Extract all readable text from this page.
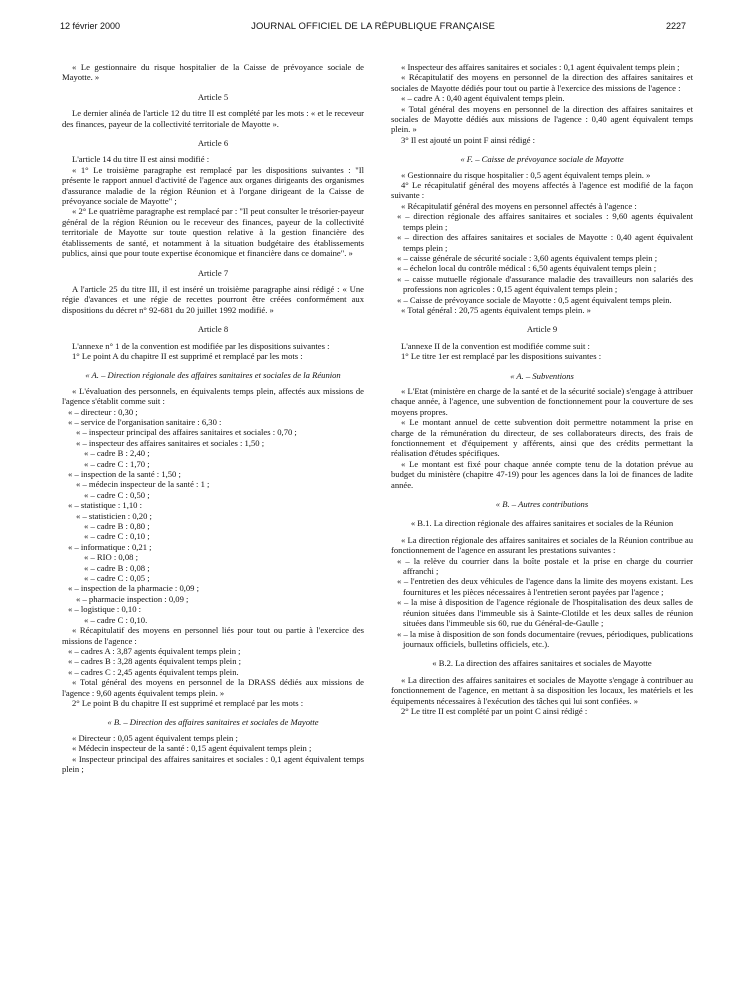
12 février 2000	JOURNAL OFFICIEL DE LA RÉPUBLIQUE FRANÇAISE	2227

« Le gestionnaire du risque hospitalier de la Caisse de prévoyance sociale de Mayotte. »

Article 5

Le dernier alinéa de l'article 12 du titre II est complété par les mots : « et le receveur des finances, payeur de la collectivité territoriale de Mayotte ».

Article 6

L'article 14 du titre II est ainsi modifié :

« 1° Le troisième paragraphe est remplacé par les dispositions suivantes : "Il présente le rapport annuel d'activité de l'agence aux organes dirigeants des organismes d'assurance maladie de la région Réunion et à l'organe dirigeant de la Caisse de prévoyance sociale de Mayotte" ;

« 2° Le quatrième paragraphe est remplacé par : "Il peut consulter le trésorier-payeur général de la région Réunion ou le receveur des finances, payeur de la collectivité territoriale de Mayotte sur toute question relative à la gestion financière des établissements de santé, et notamment à la situation budgétaire des établissements publics, ainsi que pour toute expertise économique et financière dans ce domaine". »

Article 7

A l'article 25 du titre III, il est inséré un troisième paragraphe ainsi rédigé : « Une régie d'avances et une régie de recettes pourront être créées conformément aux dispositions du décret n° 92-681 du 20 juillet 1992 modifié. »

Article 8

L'annexe n° 1 de la convention est modifiée par les dispositions suivantes :

1° Le point A du chapitre II est supprimé et remplacé par les mots :

« A. – Direction régionale des affaires sanitaires et sociales de la Réunion

« L'évaluation des personnels, en équivalents temps plein, affectés aux missions de l'agence s'établit comme suit :

« – directeur : 0,30 ;

« – service de l'organisation sanitaire : 6,30 :

« – inspecteur principal des affaires sanitaires et sociales : 0,70 ;

« – inspecteur des affaires sanitaires et sociales : 1,50 ;

« – cadre B : 2,40 ;

« – cadre C : 1,70 ;

« – inspection de la santé : 1,50 ;

« – médecin inspecteur de la santé : 1 ;

« – cadre C : 0,50 ;

« – statistique : 1,10 :

« – statisticien : 0,20 ;

« – cadre B : 0,80 ;

« – cadre C : 0,10 ;

« – informatique : 0,21 ;

« – RIO : 0,08 ;

« – cadre B : 0,08 ;

« – cadre C : 0,05 ;

« – inspection de la pharmacie : 0,09 ;

« – pharmacie inspection : 0,09 ;

« – logistique : 0,10 :

« – cadre C : 0,10.

« Récapitulatif des moyens en personnel liés pour tout ou partie à l'exercice des missions de l'agence :

« – cadres A : 3,87 agents équivalent temps plein ;

« – cadres B : 3,28 agents équivalent temps plein ;

« – cadres C : 2,45 agents équivalent temps plein.

« Total général des moyens en personnel de la DRASS dédiés aux missions de l'agence : 9,60 agents équivalent temps plein. »

2° Le point B du chapitre II est supprimé et remplacé par les mots :

« B. – Direction des affaires sanitaires et sociales de Mayotte

« Directeur : 0,05 agent équivalent temps plein ;

« Médecin inspecteur de la santé : 0,15 agent équivalent temps plein ;

« Inspecteur principal des affaires sanitaires et sociales : 0,1 agent équivalent temps plein ;

« Inspecteur des affaires sanitaires et sociales : 0,1 agent équivalent temps plein ;

« Récapitulatif des moyens en personnel de la direction des affaires sanitaires et sociales de Mayotte dédiés pour tout ou partie à l'exercice des missions de l'agence :

« – cadre A : 0,40 agent équivalent temps plein.

« Total général des moyens en personnel de la direction des affaires sanitaires et sociales de Mayotte dédiés aux missions de l'agence : 0,40 agent équivalent temps plein. »

3° Il est ajouté un point F ainsi rédigé :

« F. – Caisse de prévoyance sociale de Mayotte

« Gestionnaire du risque hospitalier : 0,5 agent équivalent temps plein. »

4° Le récapitulatif général des moyens affectés à l'agence est modifié de la façon suivante :

« Récapitulatif général des moyens en personnel affectés à l'agence :

« – direction régionale des affaires sanitaires et sociales : 9,60 agents équivalent temps plein ;

« – direction des affaires sanitaires et sociales de Mayotte : 0,40 agent équivalent temps plein ;

« – caisse générale de sécurité sociale : 3,60 agents équivalent temps plein ;

« – échelon local du contrôle médical : 6,50 agents équivalent temps plein ;

« – caisse mutuelle régionale d'assurance maladie des travailleurs non salariés des professions non agricoles : 0,15 agent équivalent temps plein ;

« – Caisse de prévoyance sociale de Mayotte : 0,5 agent équivalent temps plein.

« Total général : 20,75 agents équivalent temps plein. »

Article 9

L'annexe II de la convention est modifiée comme suit :

1° Le titre 1er est remplacé par les dispositions suivantes :

« A. – Subventions

« L'Etat (ministère en charge de la santé et de la sécurité sociale) s'engage à attribuer chaque année, à l'agence, une subvention de fonctionnement pour la couverture de ses moyens propres.

« Le montant annuel de cette subvention doit permettre notamment la prise en charge de la rémunération du directeur, de ses collaborateurs directs, des frais de fonctionnement et d'équipement y afférents, ainsi que des crédits permettant la réalisation d'études spécifiques.

« Le montant est fixé pour chaque année compte tenu de la dotation prévue au budget du ministère (chapitre 47-19) pour les agences dans la loi de finances de ladite année.

« B. – Autres contributions

« B.1. La direction régionale des affaires sanitaires et sociales de la Réunion

« La direction régionale des affaires sanitaires et sociales de la Réunion contribue au fonctionnement de l'agence en assurant les prestations suivantes :

« – la relève du courrier dans la boîte postale et la prise en charge du courrier affranchi ;

« – l'entretien des deux véhicules de l'agence dans la limite des moyens existant. Les fournitures et les pièces nécessaires à l'entretien seront payées par l'agence ;

« – la mise à disposition de l'agence régionale de l'hospitalisation des deux salles de réunion situées dans l'immeuble sis à Sainte-Clotilde et les deux salles de réunion situées dans l'immeuble sis 60, rue du Général-de-Gaulle ;

« – la mise à disposition de son fonds documentaire (revues, périodiques, publications journaux officiels, bulletins officiels, etc.).

« B.2. La direction des affaires sanitaires et sociales de Mayotte

« La direction des affaires sanitaires et sociales de Mayotte s'engage à contribuer au fonctionnement de l'agence, en mettant à sa disposition les locaux, les matériels et les équipements nécessaires à l'exécution des tâches qui lui sont confiées. »

2° Le titre II est complété par un point C ainsi rédigé :
